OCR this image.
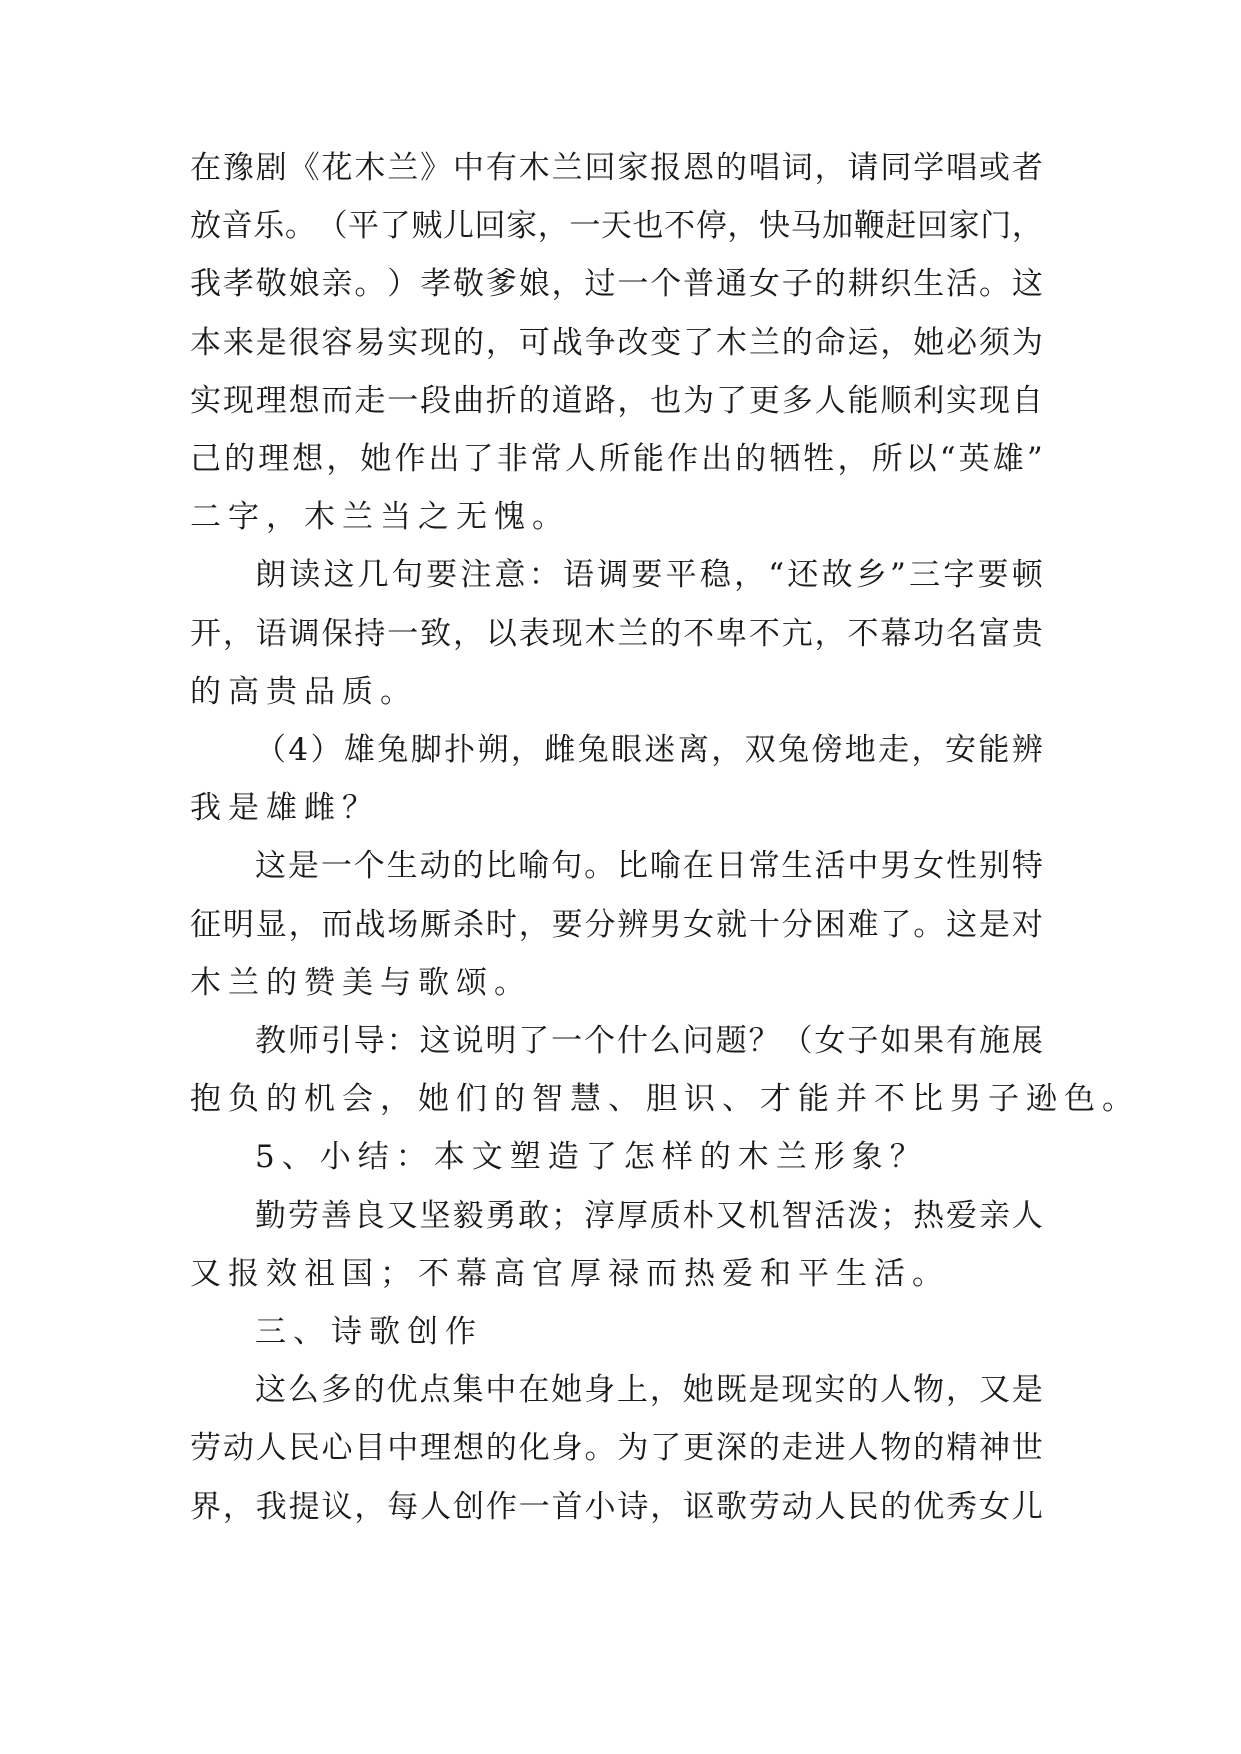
在 豫 剧 《 花 木 兰 》 中 有 木 兰 回 家 报 恩 的 唱 词 ， 请 同 学 唱 或 者
放 音 乐 。 （ 平 了 贼 儿 回 家 ， 一 天 也 不 停 ， 快 马 加 鞭 赶 回 家 门 ，
我 孝 敬 娘 亲 。 ） 孝 敬 爹 娘 ， 过 一 个 普 通 女 子 的 耕 织 生 活 。 这
本 来 是 很 容 易 实 现 的 ， 可 战 争 改 变 了 木 兰 的 命 运 ， 她 必 须 为
实 现 理 想 而 走 一 段 曲 折 的 道 路 ， 也 为 了 更 多 人 能 顺 利 实 现 自
己 的 理 想 ， 她 作 出 了 非 常 人 所 能 作 出 的 牺 牲 ， 所 以 “ 英 雄 ”
二字，木兰当之无愧。
朗 读 这 几 句 要 注 意 ： 语 调 要 平 稳 ， “ 还 故 乡 ” 三 字 要 顿
开 ， 语 调 保 持 一 致 ， 以 表 现 木 兰 的 不 卑 不 亢 ， 不 幕 功 名 富 贵
的高贵品质。
（ 4 ） 雄 兔 脚 扑 朔 ， 雌 兔 眼 迷 离 ， 双 兔 傍 地 走 ， 安 能 辨
我是雄雌？
这 是 一 个 生 动 的 比 喻 句 。 比 喻 在 日 常 生 活 中 男 女 性 别 特
征 明 显 ， 而 战 场 厮 杀 时 ， 要 分 辨 男 女 就 十 分 困 难 了 。 这 是 对
木兰的赞美与歌颂。
教 师 引 导 ： 这 说 明 了 一 个 什 么 问 题 ？ （ 女 子 如 果 有 施 展
抱负的机会，她们的智慧、胆识、才能并不比男子逊色。
5、小结：本文塑造了怎样的木兰形象？
勤 劳 善 良 又 坚 毅 勇 敢 ； 淳 厚 质 朴 又 机 智 活 泼 ； 热 爱 亲 人
又报效祖国；不幕高官厚禄而热爱和平生活。
三、诗歌创作
这 么 多 的 优 点 集 中 在 她 身 上 ， 她 既 是 现 实 的 人 物 ， 又 是
劳 动 人 民 心 目 中 理 想 的 化 身 。 为 了 更 深 的 走 进 人 物 的 精 神 世
界 ， 我 提 议 ， 每 人 创 作 一 首 小 诗 ， 讴 歌 劳 动 人 民 的 优 秀 女 儿
